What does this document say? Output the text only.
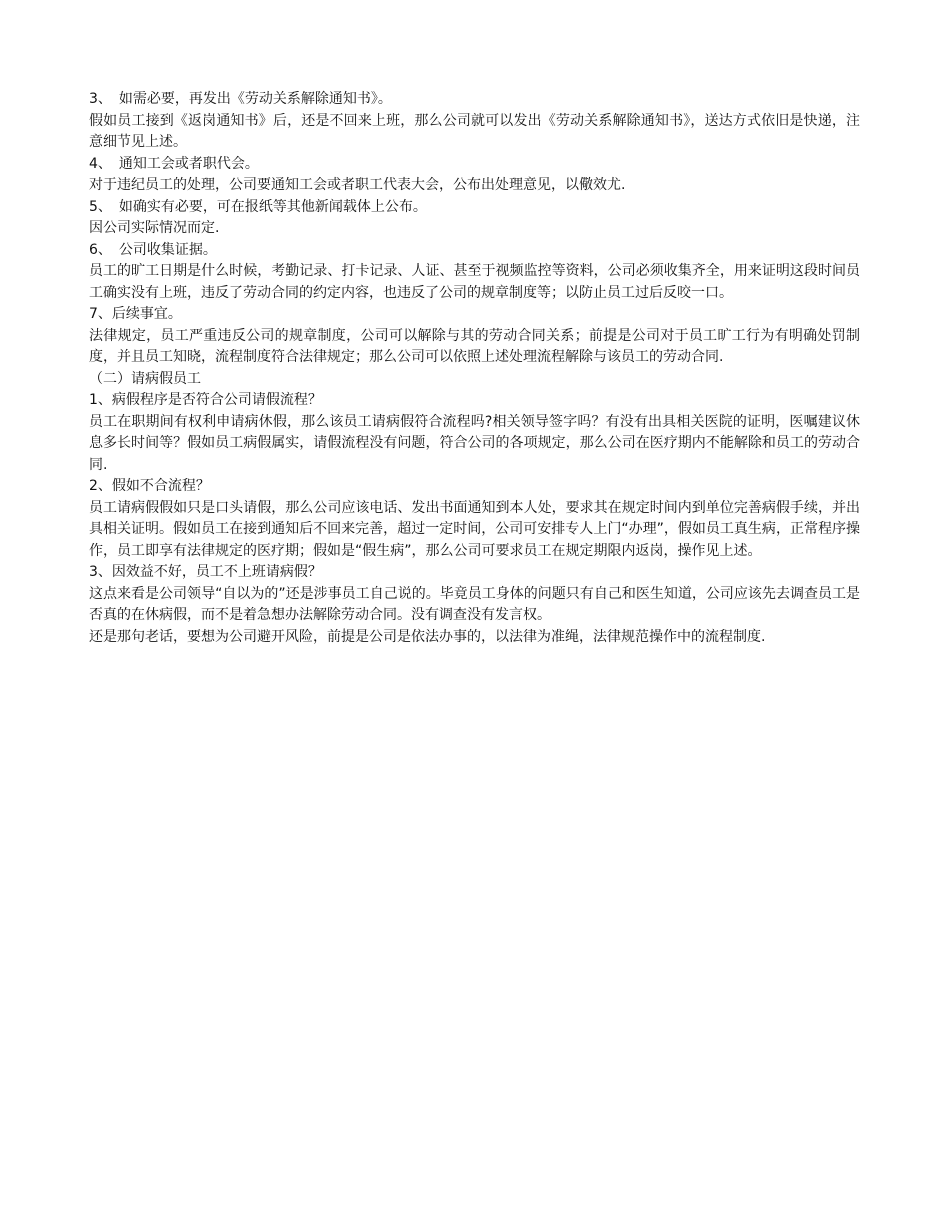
3、　如需必要，再发出《劳动关系解除通知书》。

假如员工接到《返岗通知书》后，还是不回来上班，那么公司就可以发出《劳动关系解除通知书》，送达方式依旧是快递，注意细节见上述。

4、　通知工会或者职代会。

对于违纪员工的处理，公司要通知工会或者职工代表大会，公布出处理意见，以儆效尤.

5、　如确实有必要，可在报纸等其他新闻载体上公布。

因公司实际情况而定.

6、　公司收集证据。

员工的旷工日期是什么时候，考勤记录、打卡记录、人证、甚至于视频监控等资料，公司必须收集齐全，用来证明这段时间员工确实没有上班，违反了劳动合同的约定内容，也违反了公司的规章制度等；以防止员工过后反咬一口。

7、后续事宜。

法律规定，员工严重违反公司的规章制度，公司可以解除与其的劳动合同关系；前提是公司对于员工旷工行为有明确处罚制度，并且员工知晓，流程制度符合法律规定；那么公司可以依照上述处理流程解除与该员工的劳动合同.

（二）请病假员工

1、病假程序是否符合公司请假流程？

员工在职期间有权利申请病休假，那么该员工请病假符合流程吗?相关领导签字吗？有没有出具相关医院的证明，医嘱建议休息多长时间等？假如员工病假属实，请假流程没有问题，符合公司的各项规定，那么公司在医疗期内不能解除和员工的劳动合同.

2、假如不合流程？

员工请病假假如只是口头请假，那么公司应该电话、发出书面通知到本人处，要求其在规定时间内到单位完善病假手续，并出具相关证明。假如员工在接到通知后不回来完善，超过一定时间，公司可安排专人上门“办理”，假如员工真生病，正常程序操作，员工即享有法律规定的医疗期；假如是“假生病”，那么公司可要求员工在规定期限内返岗，操作见上述。

3、因效益不好，员工不上班请病假？

这点来看是公司领导“自以为的”还是涉事员工自己说的。毕竟员工身体的问题只有自己和医生知道，公司应该先去调查员工是否真的在休病假，而不是着急想办法解除劳动合同。没有调查没有发言权。

还是那句老话，要想为公司避开风险，前提是公司是依法办事的，以法律为准绳，法律规范操作中的流程制度.
